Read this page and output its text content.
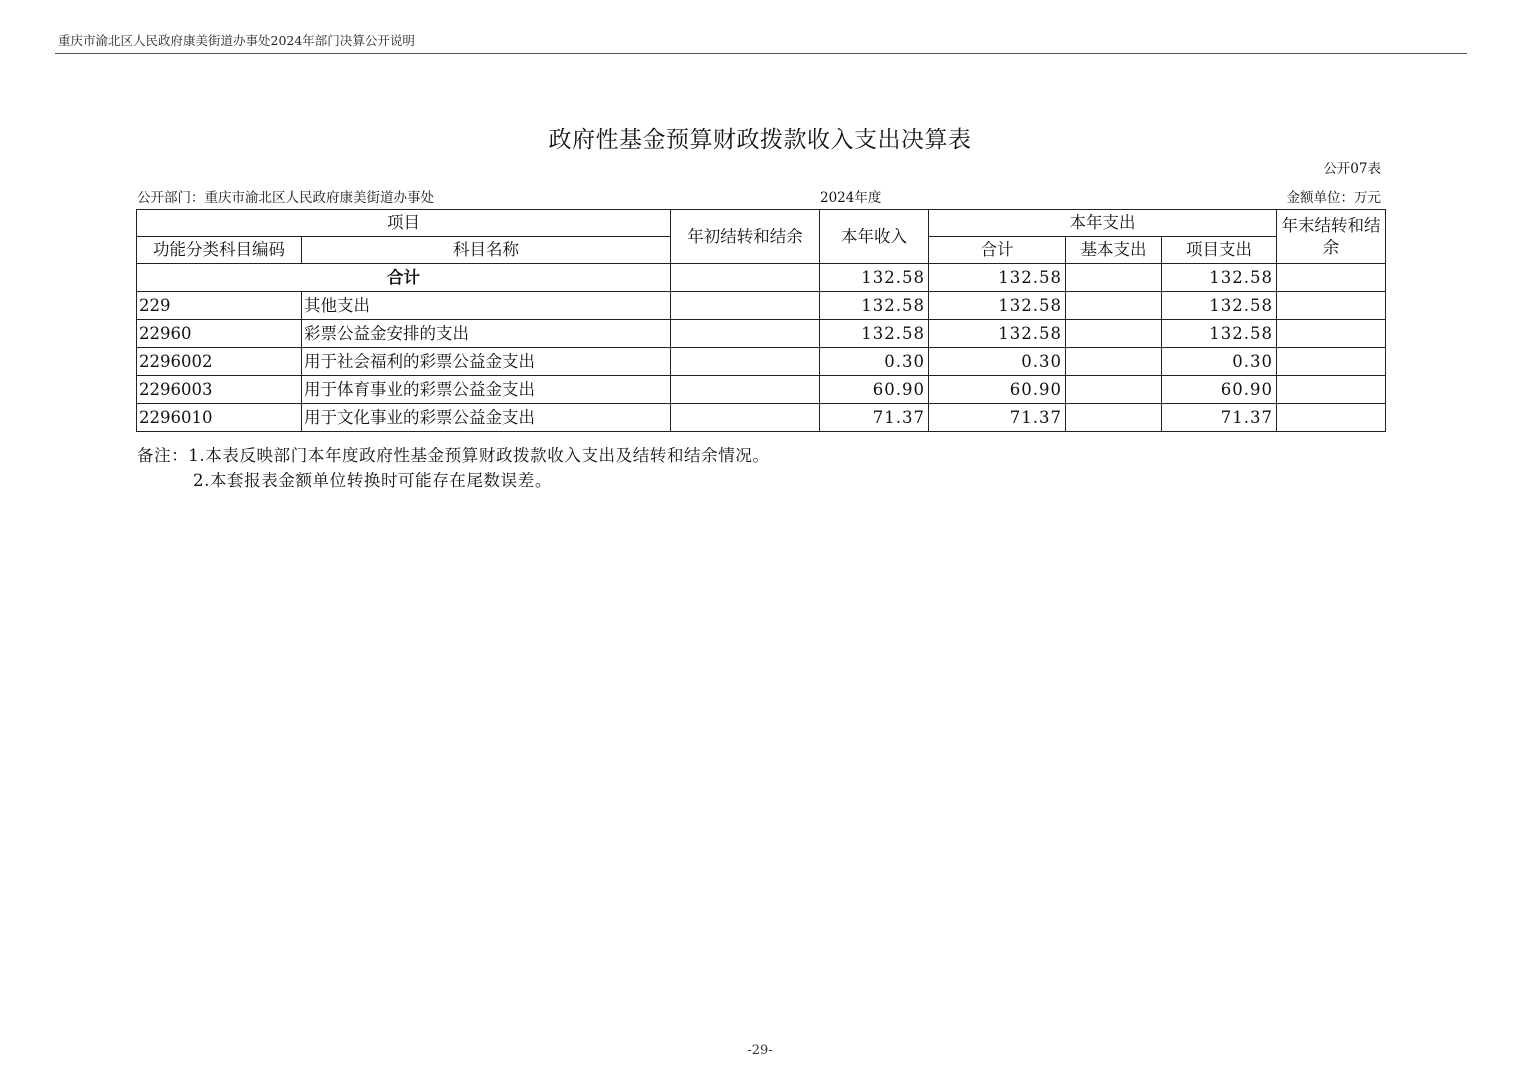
重庆市渝北区人民政府康美街道办事处2024年部门决算公开说明
政府性基金预算财政拨款收入支出决算表
公开07表
公开部门：重庆市渝北区人民政府康美街道办事处	2024年度	金额单位：万元
项目		年初结转和结余	本年收入	本年支出			年末结转和结余
功能分类科目编码	科目名称			合计	基本支出	项目支出	
合计			132.58	132.58		132.58	
229	其他支出		132.58	132.58		132.58	
22960	彩票公益金安排的支出		132.58	132.58		132.58	
2296002	用于社会福利的彩票公益金支出		0.30	0.30		0.30	
2296003	用于体育事业的彩票公益金支出		60.90	60.90		60.90	
2296010	用于文化事业的彩票公益金支出		71.37	71.37		71.37	
备注：1.本表反映部门本年度政府性基金预算财政拨款收入支出及结转和结余情况。
2.本套报表金额单位转换时可能存在尾数误差。
-29-
